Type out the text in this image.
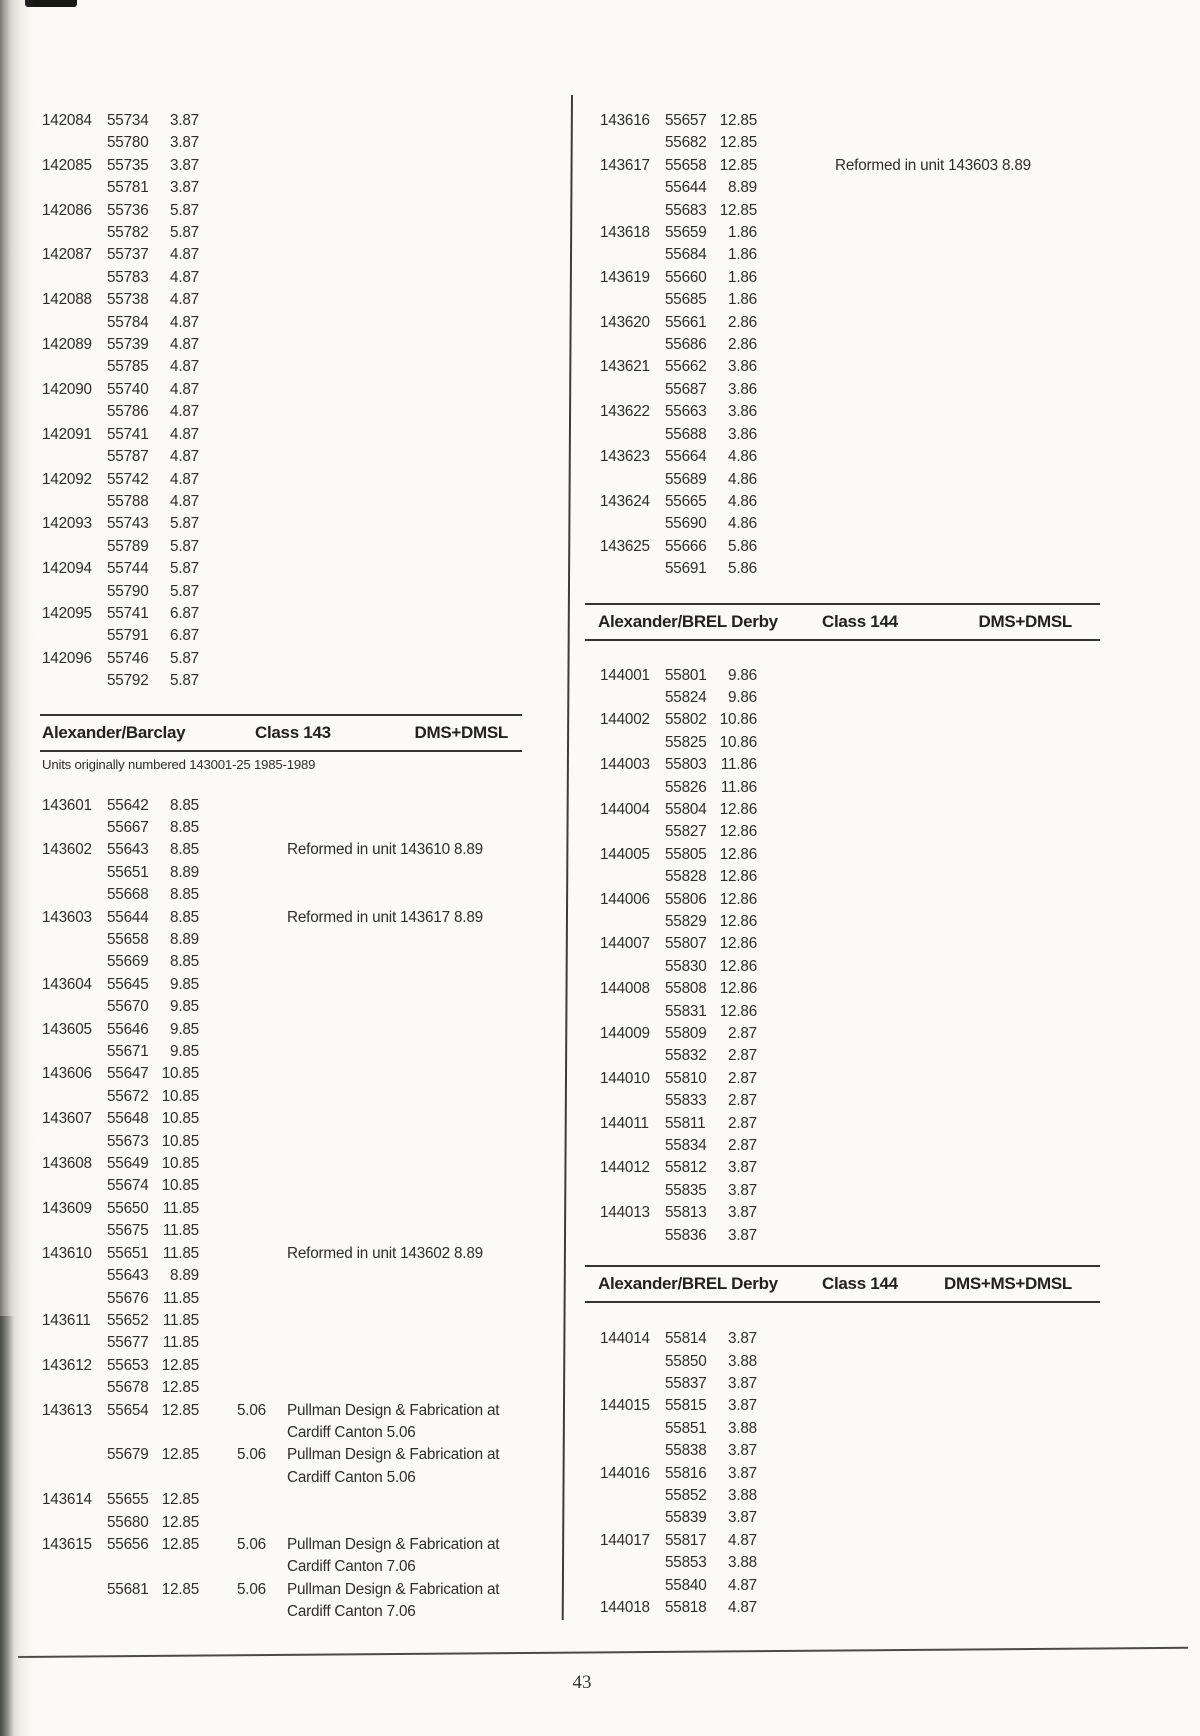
142084 55734 3.87
55780 3.87
142085 55735 3.87
55781 3.87
142086 55736 5.87
55782 5.87
142087 55737 4.87
55783 4.87
142088 55738 4.87
55784 4.87
142089 55739 4.87
55785 4.87
142090 55740 4.87
55786 4.87
142091 55741 4.87
55787 4.87
142092 55742 4.87
55788 4.87
142093 55743 5.87
55789 5.87
142094 55744 5.87
55790 5.87
142095 55741 6.87
55791 6.87
142096 55746 5.87
55792 5.87
Alexander/Barclay	Class 143	DMS+DMSL
Units originally numbered 143001-25 1985-1989
143601 55642 8.85
55667 8.85
143602 55643 8.85	Reformed in unit 143610 8.89
55651 8.89
55668 8.85
143603 55644 8.85	Reformed in unit 143617 8.89
55658 8.89
55669 8.85
143604 55645 9.85
55670 9.85
143605 55646 9.85
55671 9.85
143606 55647 10.85
55672 10.85
143607 55648 10.85
55673 10.85
143608 55649 10.85
55674 10.85
143609 55650 11.85
55675 11.85
143610 55651 11.85	Reformed in unit 143602 8.89
55643 8.89
55676 11.85
143611 55652 11.85
55677 11.85
143612 55653 12.85
55678 12.85
143613 55654 12.85 5.06 Pullman Design & Fabrication at Cardiff Canton 5.06
55679 12.85 5.06 Pullman Design & Fabrication at Cardiff Canton 5.06
143614 55655 12.85
55680 12.85
143615 55656 12.85 5.06 Pullman Design & Fabrication at Cardiff Canton 7.06
55681 12.85 5.06 Pullman Design & Fabrication at Cardiff Canton 7.06
143616 55657 12.85
55682 12.85
143617 55658 12.85	Reformed in unit 143603 8.89
55644 8.89
55683 12.85
143618 55659 1.86
55684 1.86
143619 55660 1.86
55685 1.86
143620 55661 2.86
55686 2.86
143621 55662 3.86
55687 3.86
143622 55663 3.86
55688 3.86
143623 55664 4.86
55689 4.86
143624 55665 4.86
55690 4.86
143625 55666 5.86
55691 5.86
Alexander/BREL Derby	Class 144	DMS+DMSL
144001 55801 9.86
55824 9.86
144002 55802 10.86
55825 10.86
144003 55803 11.86
55826 11.86
144004 55804 12.86
55827 12.86
144005 55805 12.86
55828 12.86
144006 55806 12.86
55829 12.86
144007 55807 12.86
55830 12.86
144008 55808 12.86
55831 12.86
144009 55809 2.87
55832 2.87
144010 55810 2.87
55833 2.87
144011 55811 2.87
55834 2.87
144012 55812 3.87
55835 3.87
144013 55813 3.87
55836 3.87
Alexander/BREL Derby	Class 144	DMS+MS+DMSL
144014 55814 3.87
55850 3.88
55837 3.87
144015 55815 3.87
55851 3.88
55838 3.87
144016 55816 3.87
55852 3.88
55839 3.87
144017 55817 4.87
55853 3.88
55840 4.87
144018 55818 4.87
43
